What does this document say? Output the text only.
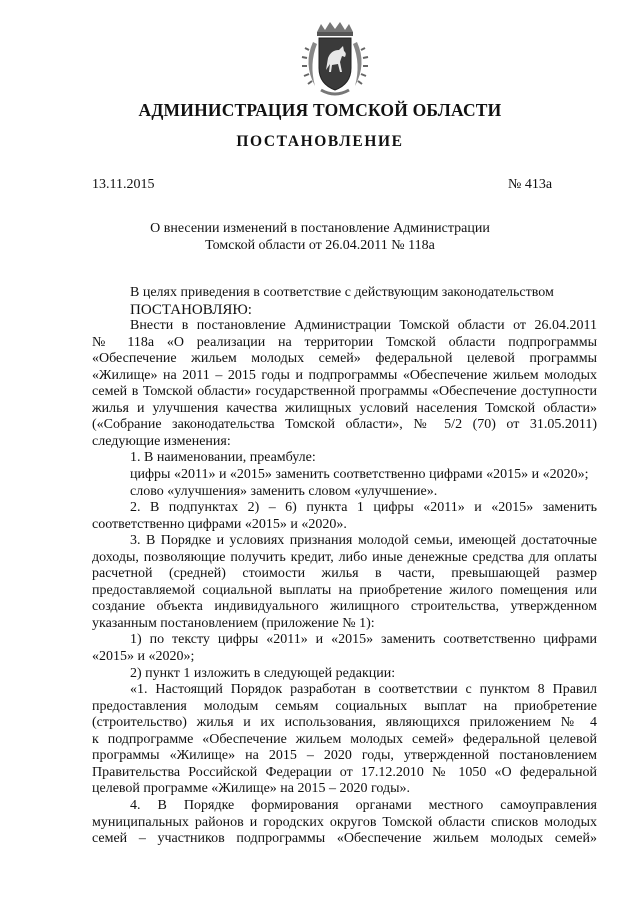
АДМИНИСТРАЦИЯ ТОМСКОЙ ОБЛАСТИ
ПОСТАНОВЛЕНИЕ
13.11.2015	№ 413а
О внесении изменений в постановление Администрации
Томской области от 26.04.2011 № 118а
В целях приведения в соответствие с действующим законодательством
ПОСТАНОВЛЯЮ:
Внести в постановление Администрации Томской области от 26.04.2011
№ 118а «О реализации на территории Томской области подпрограммы
«Обеспечение жильем молодых семей» федеральной целевой программы
«Жилище» на 2011 – 2015 годы и подпрограммы «Обеспечение жильем молодых
семей в Томской области» государственной программы «Обеспечение доступности
жилья и улучшения качества жилищных условий населения Томской области»
(«Собрание законодательства Томской области», № 5/2 (70) от 31.05.2011)
следующие изменения:
1. В наименовании, преамбуле:
цифры «2011» и «2015» заменить соответственно цифрами «2015» и «2020»;
слово «улучшения» заменить словом «улучшение».
2. В подпунктах 2) – 6) пункта 1 цифры «2011» и «2015» заменить
соответственно цифрами «2015» и «2020».
3. В Порядке и условиях признания молодой семьи, имеющей достаточные
доходы, позволяющие получить кредит, либо иные денежные средства для оплаты
расчетной (средней) стоимости жилья в части, превышающей размер
предоставляемой социальной выплаты на приобретение жилого помещения или
создание объекта индивидуального жилищного строительства, утвержденном
указанным постановлением (приложение № 1):
1) по тексту цифры «2011» и «2015» заменить соответственно цифрами
«2015» и «2020»;
2) пункт 1 изложить в следующей редакции:
«1. Настоящий Порядок разработан в соответствии с пунктом 8 Правил
предоставления молодым семьям социальных выплат на приобретение
(строительство) жилья и их использования, являющихся приложением № 4
к подпрограмме «Обеспечение жильем молодых семей» федеральной целевой
программы «Жилище» на 2015 – 2020 годы, утвержденной постановлением
Правительства Российской Федерации от 17.12.2010 № 1050 «О федеральной
целевой программе «Жилище» на 2015 – 2020 годы».
4. В Порядке формирования органами местного самоуправления
муниципальных районов и городских округов Томской области списков молодых
семей – участников подпрограммы «Обеспечение жильем молодых семей»
